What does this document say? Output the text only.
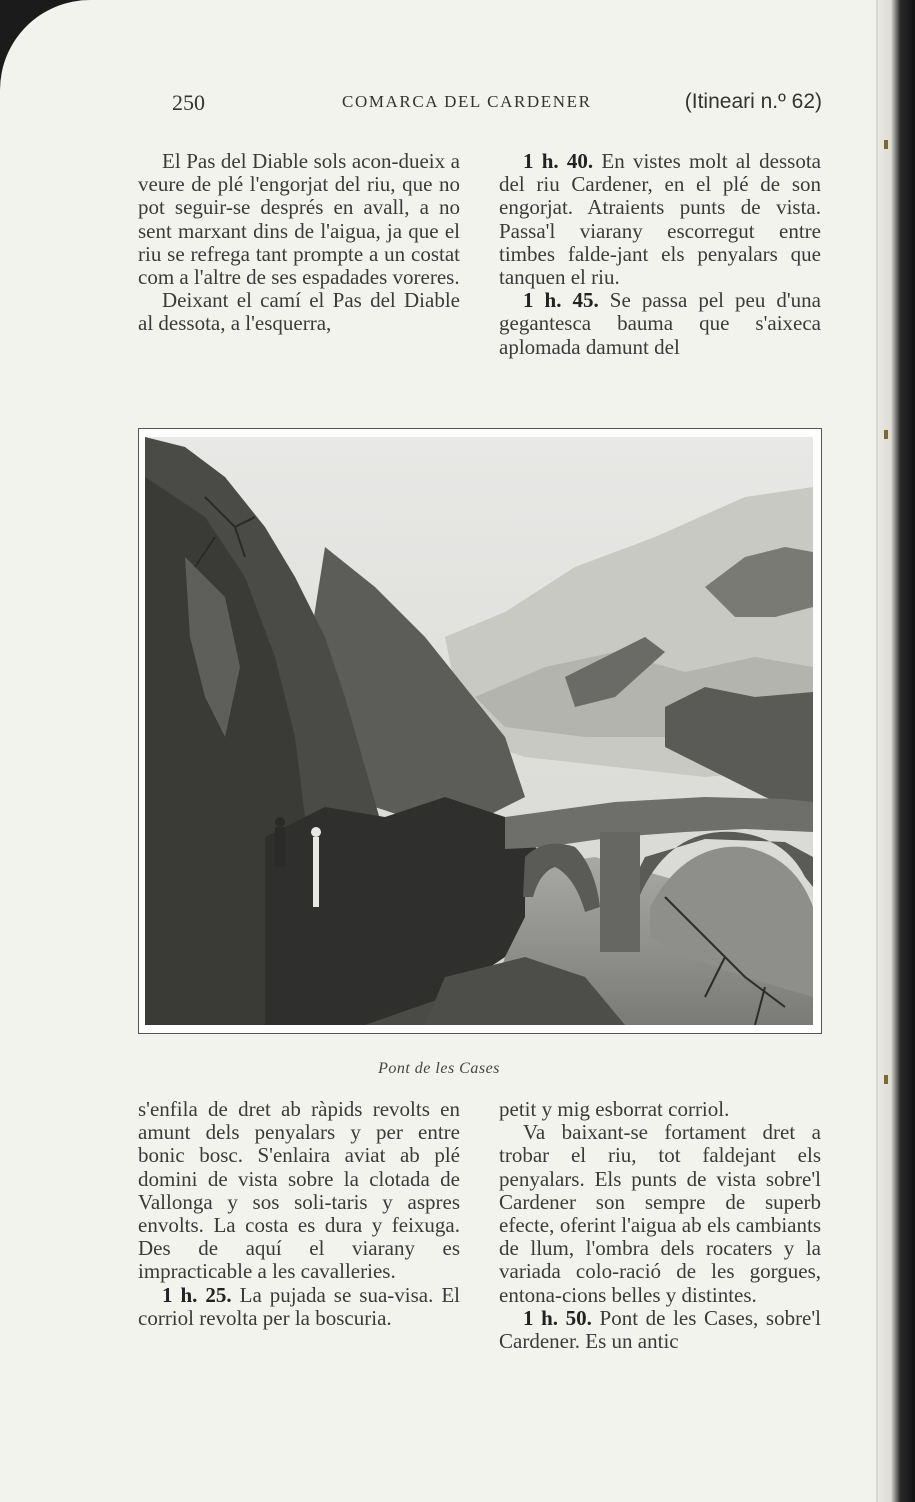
250	COMARCA DEL CARDENER	(Itineari n.º 62)

El Pas del Diable sols acon-dueix a veure de plé l'engorjat del riu, que no pot seguir-se després en avall, a no sent marxant dins de l'aigua, ja que el riu se refrega tant prompte a un costat com a l'altre de ses espadades voreres.

Deixant el camí el Pas del Diable al dessota, a l'esquerra,

1 h. 40. En vistes molt al dessota del riu Cardener, en el plé de son engorjat. Atraients punts de vista. Passa'l viarany escorregut entre timbes falde-jant els penyalars que tanquen el riu.

1 h. 45. Se passa pel peu d'una gegantesca bauma que s'aixeca aplomada damunt del

Pont de les Cases

s'enfila de dret ab ràpids revolts en amunt dels penyalars y per entre bonic bosc. S'enlaira aviat ab plé domini de vista sobre la clotada de Vallonga y sos soli-taris y aspres envolts. La costa es dura y feixuga. Des de aquí el viarany es impracticable a les cavalleries.

1 h. 25. La pujada se sua-visa. El corriol revolta per la boscuria.

petit y mig esborrat corriol.

Va baixant-se fortament dret a trobar el riu, tot faldejant els penyalars. Els punts de vista sobre'l Cardener son sempre de superb efecte, oferint l'aigua ab els cambiants de llum, l'ombra dels rocaters y la variada colo-ració de les gorgues, entona-cions belles y distintes.

1 h. 50. Pont de les Cases, sobre'l Cardener. Es un antic
